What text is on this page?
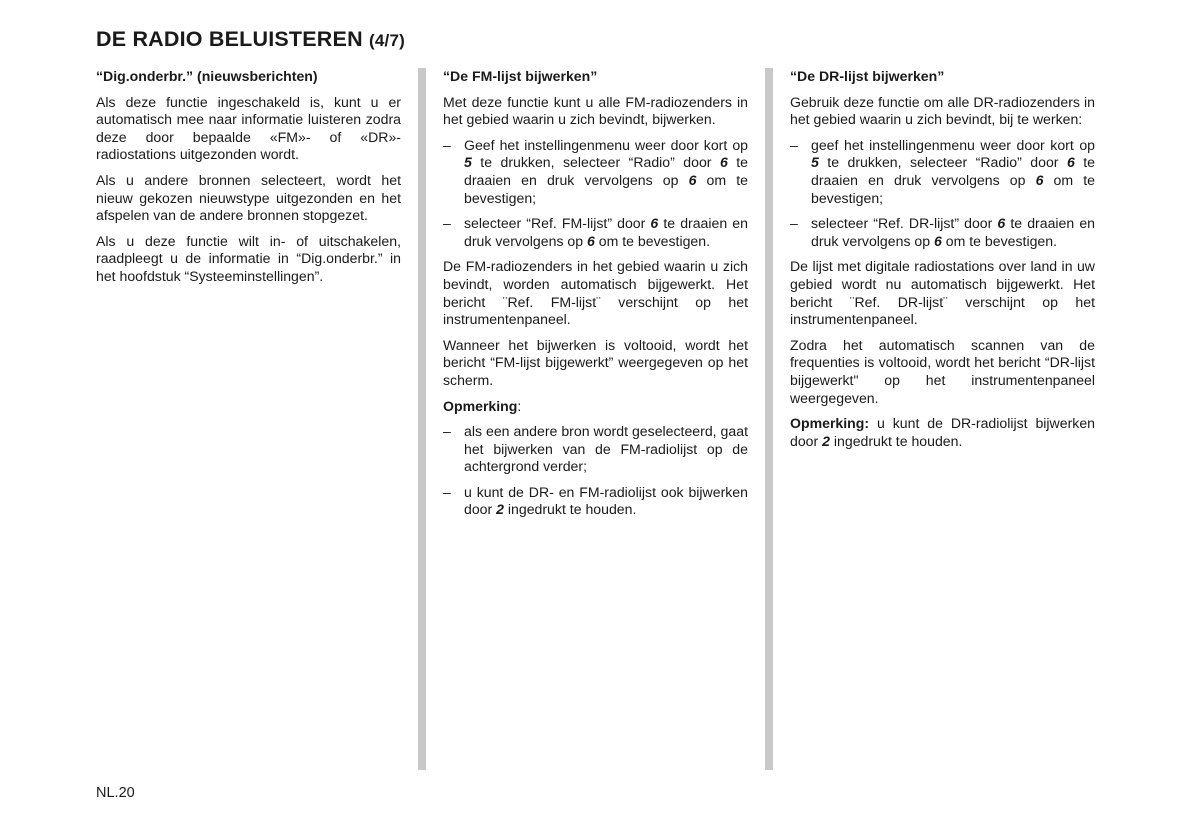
DE RADIO BELUISTEREN (4/7)
“Dig.onderbr.” (nieuwsberichten)

Als deze functie ingeschakeld is, kunt u er automatisch mee naar informatie luisteren zodra deze door bepaalde «FM»- of «DR»-radiostations uitgezonden wordt.

Als u andere bronnen selecteert, wordt het nieuw gekozen nieuwstype uitgezonden en het afspelen van de andere bronnen stopgezet.

Als u deze functie wilt in- of uitschakelen, raadpleegt u de informatie in “Dig.onderbr.” in het hoofdstuk “Systeeminstellingen”.

“De FM-lijst bijwerken”

Met deze functie kunt u alle FM-radiozenders in het gebied waarin u zich bevindt, bijwerken.

– Geef het instellingenmenu weer door kort op 5 te drukken, selecteer “Radio” door 6 te draaien en druk vervolgens op 6 om te bevestigen;
– selecteer “Ref. FM-lijst” door 6 te draaien en druk vervolgens op 6 om te bevestigen.

De FM-radiozenders in het gebied waarin u zich bevindt, worden automatisch bijgewerkt. Het bericht ¨Ref. FM-lijst¨ verschijnt op het instrumentenpaneel.

Wanneer het bijwerken is voltooid, wordt het bericht “FM-lijst bijgewerkt” weergegeven op het scherm.

Opmerking:

– als een andere bron wordt geselecteerd, gaat het bijwerken van de FM-radiolijst op de achtergrond verder;
– u kunt de DR- en FM-radiolijst ook bijwerken door 2 ingedrukt te houden.
“De DR-lijst bijwerken”

Gebruik deze functie om alle DR-radiozenders in het gebied waarin u zich bevindt, bij te werken:

– geef het instellingenmenu weer door kort op 5 te drukken, selecteer “Radio” door 6 te draaien en druk vervolgens op 6 om te bevestigen;
– selecteer “Ref. DR-lijst” door 6 te draaien en druk vervolgens op 6 om te bevestigen.

De lijst met digitale radiostations over land in uw gebied wordt nu automatisch bijgewerkt. Het bericht ¨Ref. DR-lijst¨ verschijnt op het instrumentenpaneel.

Zodra het automatisch scannen van de frequenties is voltooid, wordt het bericht “DR-lijst bijgewerkt" op het instrumentenpaneel weergegeven.

Opmerking: u kunt de DR-radiolijst bijwerken door 2 ingedrukt te houden.

NL.20
